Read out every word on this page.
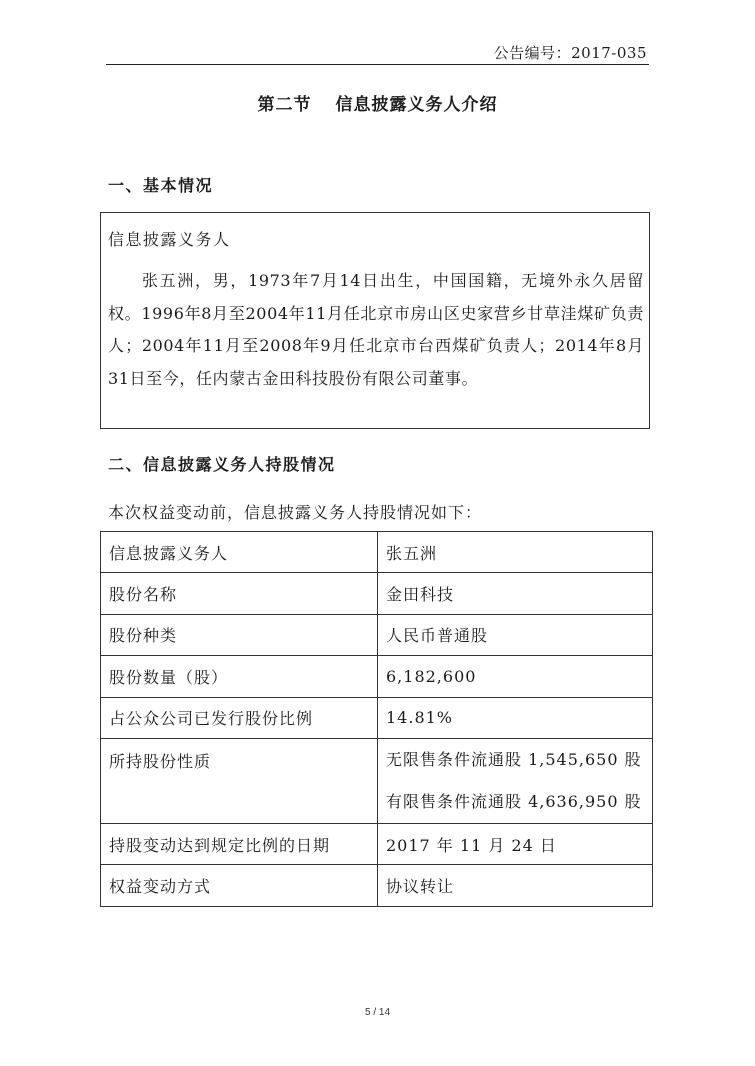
公告编号：2017-035
第二节 信息披露义务人介绍
一、基本情况
信息披露义务人
张五洲，男，1973年7月14日出生，中国国籍，无境外永久居留权。1996年8月至2004年11月任北京市房山区史家营乡甘草洼煤矿负责人；2004年11月至2008年9月任北京市台西煤矿负责人；2014年8月31日至今，任内蒙古金田科技股份有限公司董事。
二、信息披露义务人持股情况
本次权益变动前，信息披露义务人持股情况如下：
信息披露义务人	张五洲
股份名称	金田科技
股份种类	人民币普通股
股份数量（股）	6,182,600
占公众公司已发行股份比例	14.81%
所持股份性质	无限售条件流通股 1,545,650 股
有限售条件流通股 4,636,950 股

持股变动达到规定比例的日期	2017 年 11 月 24 日
权益变动方式	协议转让
5 / 14
